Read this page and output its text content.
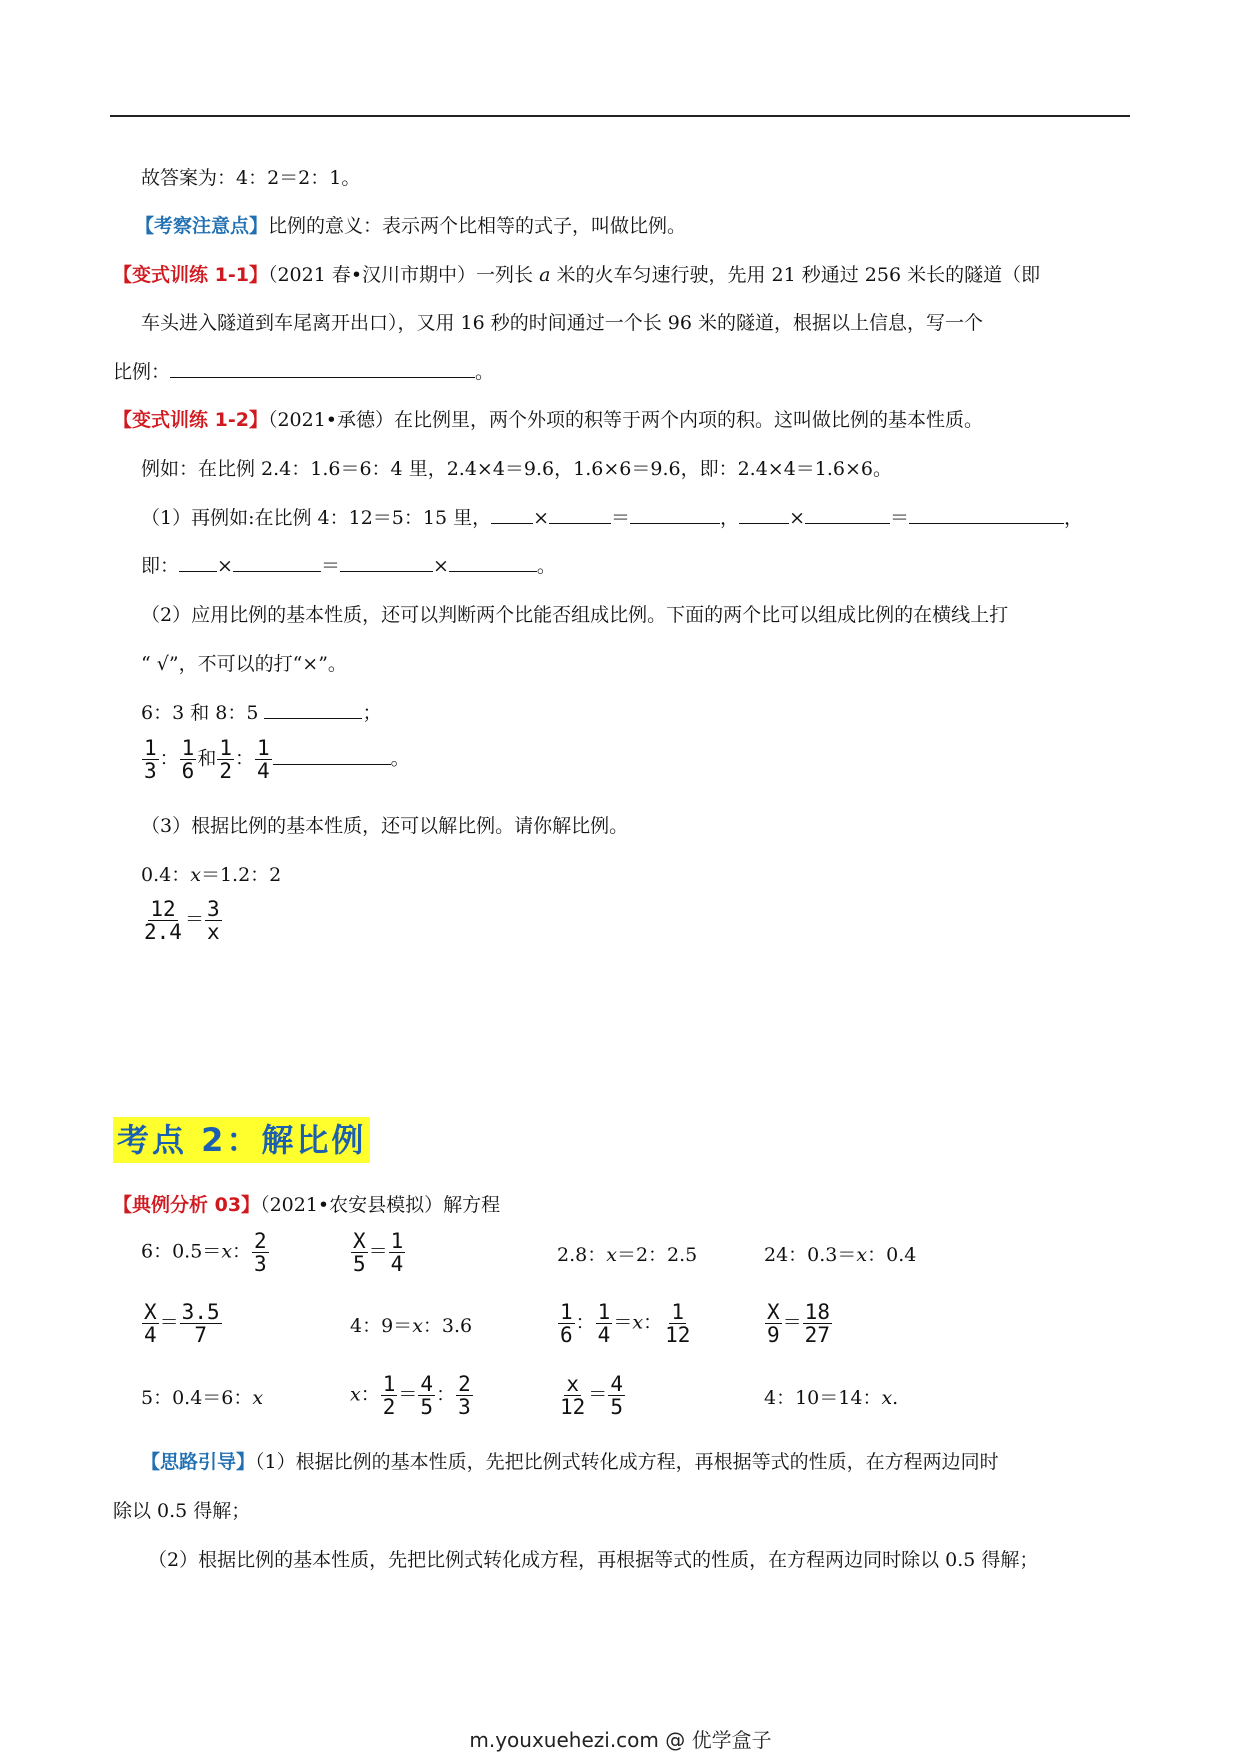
故答案为：4：2＝2：1。
【考察注意点】比例的意义：表示两个比相等的式子，叫做比例。
【变式训练 1-1】（2021 春•汉川市期中）一列长 a 米的火车匀速行驶，先用 21 秒通过 256 米长的隧道（即
车头进入隧道到车尾离开出口），又用 16 秒的时间通过一个长 96 米的隧道，根据以上信息，写一个
比例：	。
【变式训练 1-2】（2021•承德）在比例里，两个外项的积等于两个内项的积。这叫做比例的基本性质。
例如：在比例 2.4：1.6＝6：4 里，2.4×4＝9.6，1.6×6＝9.6，即：2.4×4＝1.6×6。
（1）再例如:在比例 4：12＝5：15 里， ×	＝	，	×	＝	，
即： ×	＝	×	。
（2）应用比例的基本性质，还可以判断两个比能否组成比例。下面的两个比可以组成比例的在横线上打
“ √”，不可以的打“×”。
6：3 和 8：5	；
$\frac{1}{3}$ ： $\frac{1}{6}$ 和 $\frac{1}{2}$ ： $\frac{1}{4}$	。
（3）根据比例的基本性质，还可以解比例。请你解比例。
0.4：x＝1.2：2
$\frac{12}{2.4} = \frac{3}{x}$
考点 2：解比例
【典例分析 03】（2021•农安县模拟）解方程
6：0.5＝x： $\frac{2}{3}$	$\frac{X}{5} = \frac{1}{4}$	2.8：x＝2：2.5	24：0.3＝x：0.4
$\frac{X}{4} = \frac{3.5}{7}$	4：9＝x：3.6	$\frac{1}{6}$ ： $\frac{1}{4} =x$： $\frac{1}{12}$	$\frac{X}{9} = \frac{18}{27}$
5：0.4＝6：x	x： $\frac{1}{2} = \frac{4}{5}$ ： $\frac{2}{3}$	$\frac{x}{12} = \frac{4}{5}$	4：10＝14：x.
【思路引导】（1）根据比例的基本性质，先把比例式转化成方程，再根据等式的性质，在方程两边同时
除以 0.5 得解；
（2）根据比例的基本性质，先把比例式转化成方程，再根据等式的性质，在方程两边同时除以 0.5 得解；
m.youxuehezi.com @ 优学盒子
